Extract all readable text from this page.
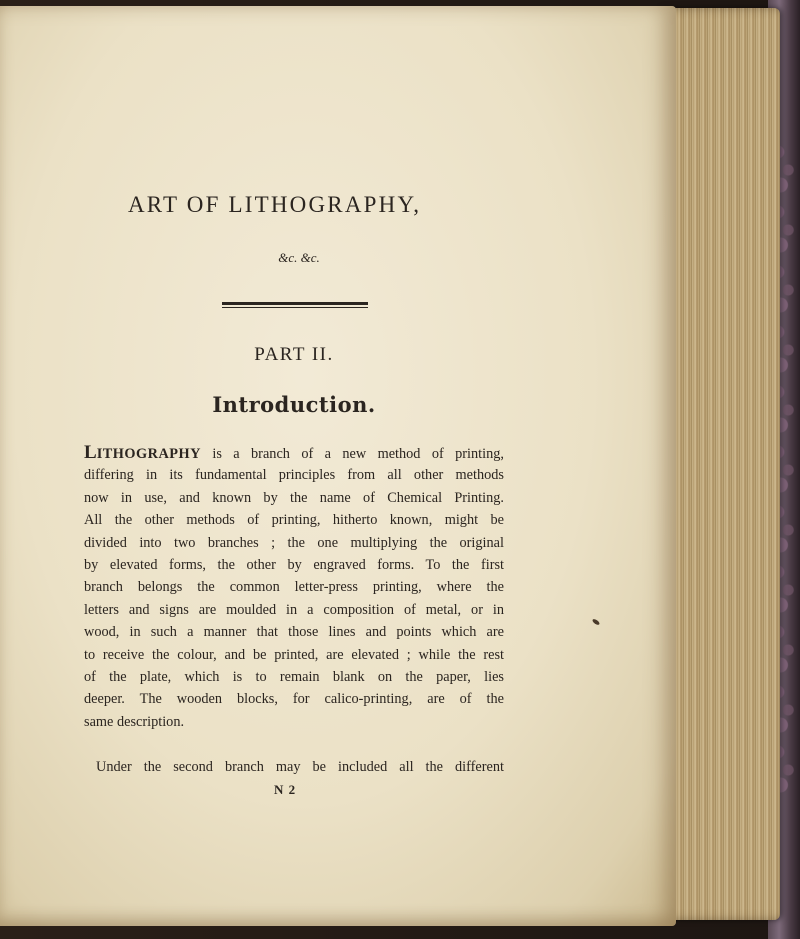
ART OF LITHOGRAPHY,
&c. &c.
PART II.
Introduction.
LITHOGRAPHY is a branch of a new method of printing,
differing in its fundamental principles from all other methods
now in use, and known by the name of Chemical Printing.
All the other methods of printing, hitherto known, might be
divided into two branches ; the one multiplying the original
by elevated forms, the other by engraved forms. To the first
branch belongs the common letter-press printing, where the
letters and signs are moulded in a composition of metal, or in
wood, in such a manner that those lines and points which are
to receive the colour, and be printed, are elevated ; while the rest
of the plate, which is to remain blank on the paper, lies
deeper. The wooden blocks, for calico-printing, are of the
same description.
Under the second branch may be included all the different
N 2
